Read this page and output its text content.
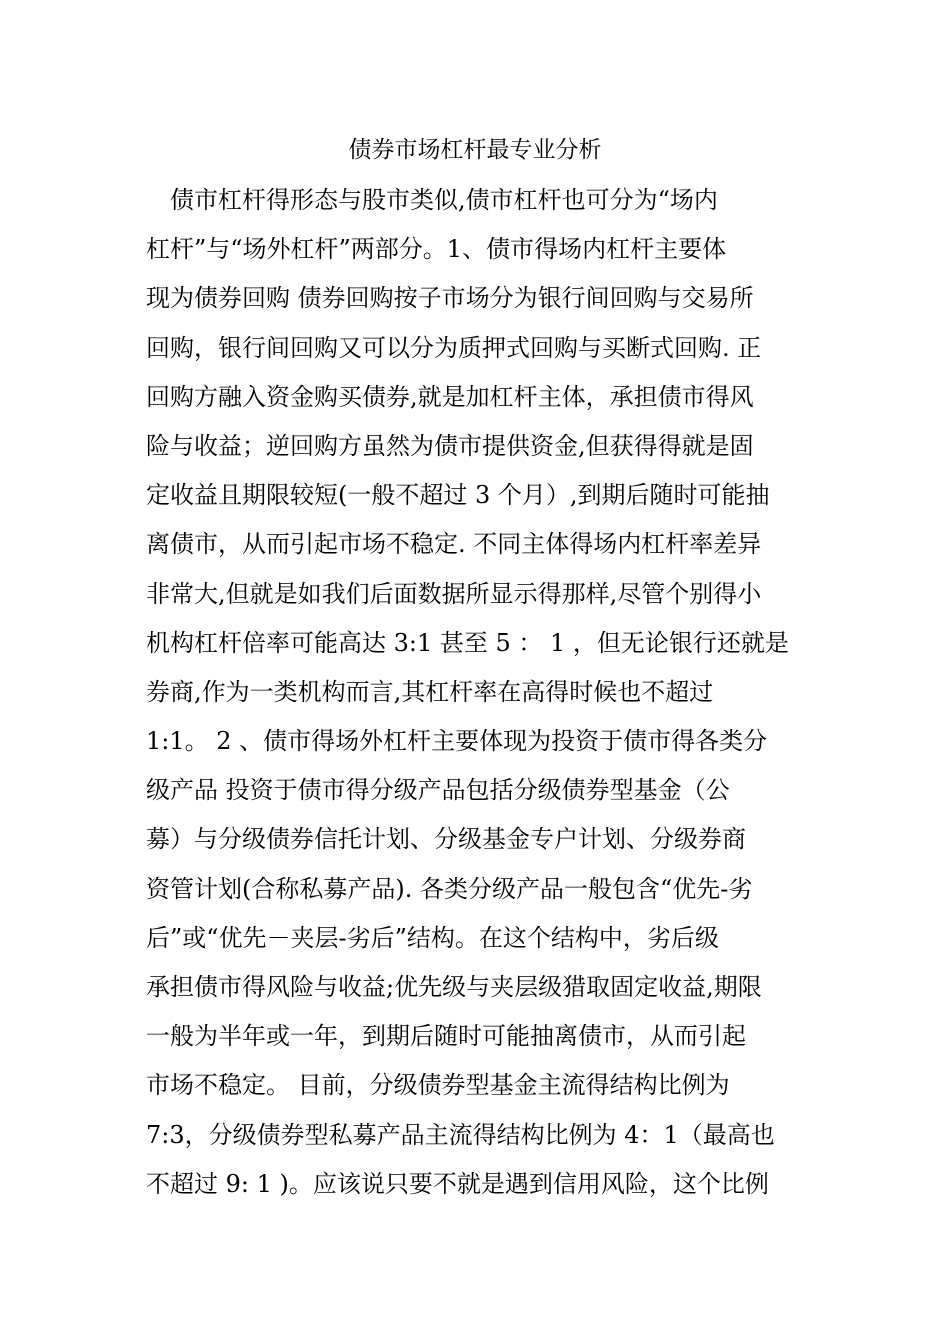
债券市场杠杆最专业分析
　债市杠杆得形态与股市类似,债市杠杆也可分为“场内
杠杆”与“场外杠杆”两部分。1、债市得场内杠杆主要体
现为债券回购 债券回购按子市场分为银行间回购与交易所
回购，银行间回购又可以分为质押式回购与买断式回购. 正
回购方融入资金购买债券,就是加杠杆主体，承担债市得风
险与收益；逆回购方虽然为债市提供资金,但获得得就是固
定收益且期限较短(一般不超过 3 个月）,到期后随时可能抽
离债市，从而引起市场不稳定. 不同主体得场内杠杆率差异
非常大,但就是如我们后面数据所显示得那样,尽管个别得小
机构杠杆倍率可能高达 3:1 甚至 5 ： 1 ，但无论银行还就是
券商,作为一类机构而言,其杠杆率在高得时候也不超过
1:1。 2 、债市得场外杠杆主要体现为投资于债市得各类分
级产品 投资于债市得分级产品包括分级债券型基金（公
募）与分级债券信托计划、分级基金专户计划、分级券商
资管计划(合称私募产品). 各类分级产品一般包含“优先-劣
后”或“优先－夹层-劣后”结构。在这个结构中，劣后级
承担债市得风险与收益;优先级与夹层级猎取固定收益,期限
一般为半年或一年，到期后随时可能抽离债市，从而引起
市场不稳定。 目前，分级债券型基金主流得结构比例为
7:3，分级债券型私募产品主流得结构比例为 4：1（最高也
不超过 9: 1 )。应该说只要不就是遇到信用风险，这个比例
